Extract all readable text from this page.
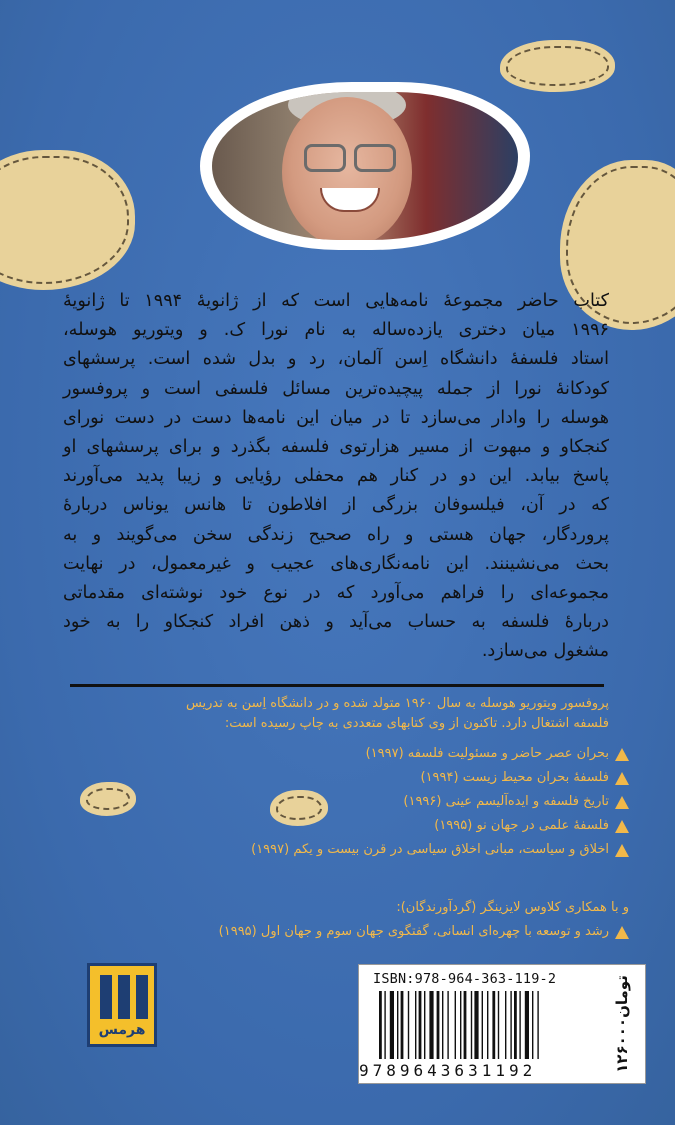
کتاب حاضر مجموعهٔ نامه‌هایی است که از ژانویهٔ ۱۹۹۴ تا ژانویهٔ

۱۹۹۶ میان دختری یازده‌ساله به نام نورا ک. و ویتوریو هوسله،

استاد فلسفهٔ دانشگاه اِسن آلمان، رد و بدل شده است. پرسشهای

کودکانهٔ نورا از جمله پیچیده‌ترین مسائل فلسفی است و پروفسور

هوسله را وادار می‌سازد تا در میان این نامه‌ها دست در دست نورای

کنجکاو و مبهوت از مسیر هزارتوی فلسفه بگذرد و برای پرسشهای او

پاسخ بیابد. این دو در کنار هم محفلی رؤیایی و زیبا پدید می‌آورند

که در آن، فیلسوفان بزرگی از افلاطون تا هانس یوناس دربارهٔ

پروردگار، جهان هستی و راه صحیح زندگی سخن می‌گویند و به

بحث می‌نشینند. این نامه‌نگاری‌های عجیب و غیرمعمول، در نهایت

مجموعه‌ای را فراهم می‌آورد که در نوع خود نوشته‌ای مقدماتی

دربارهٔ فلسفه به حساب می‌آید و ذهن افراد کنجکاو را به خود

مشغول می‌سازد.

پروفسور ویتوریو هوسله به سال ۱۹۶۰ متولد شده و در دانشگاه اِسن به تدریس

فلسفه اشتغال دارد. تاکنون از وی کتابهای متعددی به چاپ رسیده است:

بحران عصر حاضر و مسئولیت فلسفه (۱۹۹۷)
فلسفهٔ بحران محیط زیست (۱۹۹۴)
تاریخ فلسفه و ایده‌آلیسم عینی (۱۹۹۶)
فلسفهٔ علمی در جهان نو (۱۹۹۵)
اخلاق و سیاست، مبانی اخلاق سیاسی در قرن بیست و یکم (۱۹۹۷)

و با همکاری کلاوس لایزینگر (گردآورندگان):

رشد و توسعه با چهره‌ای انسانی، گفتگوی جهان سوم و جهان اول (۱۹۹۵)

هرمس
ISBN:978-964-363-119-2
9789643631192	۱۲۶۰۰۰تومان
